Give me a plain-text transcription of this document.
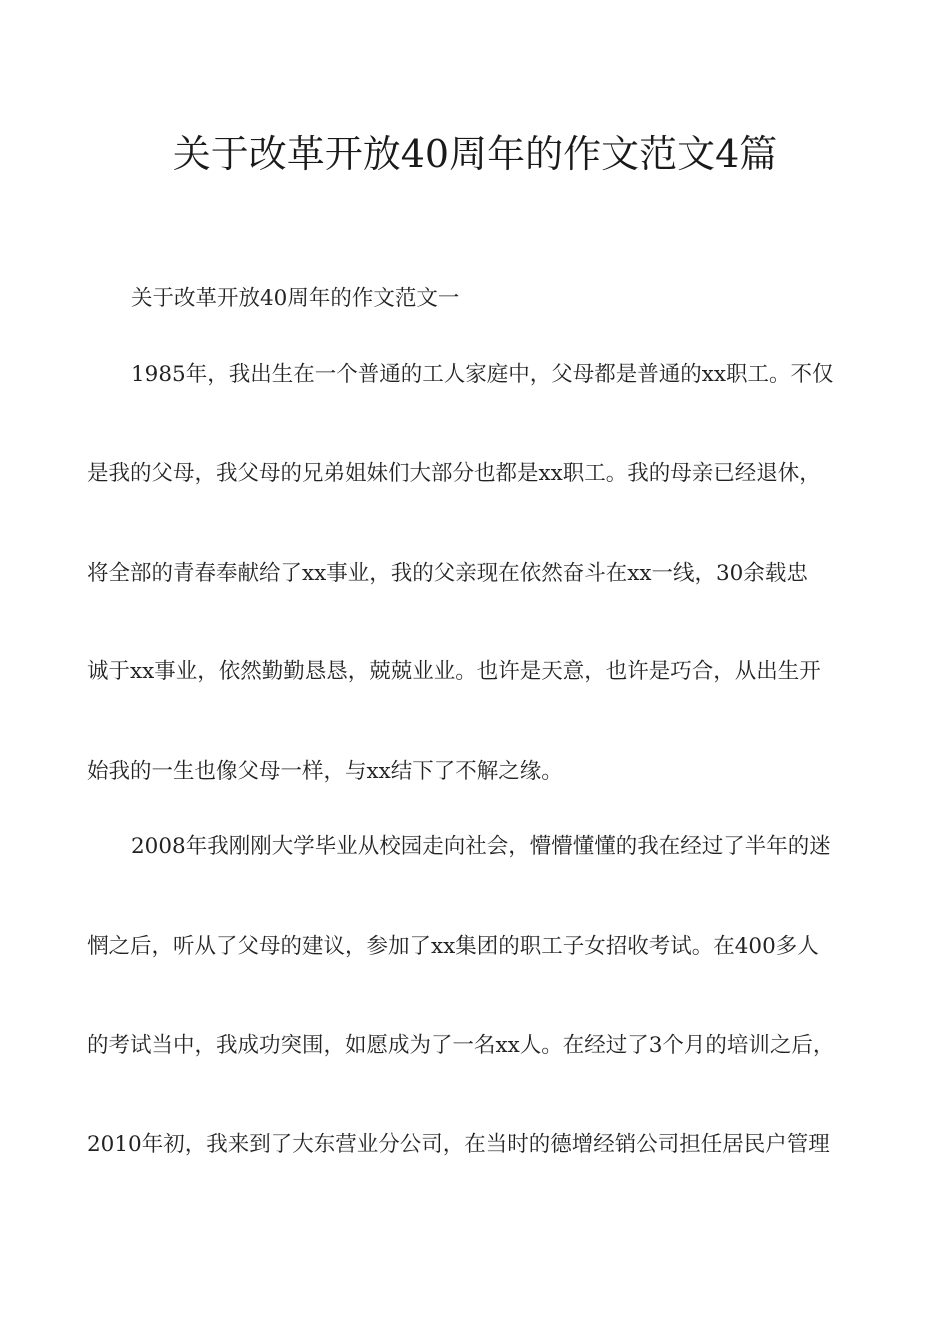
关于改革开放40周年的作文范文4篇
关于改革开放40周年的作文范文一
1985年，我出生在一个普通的工人家庭中，父母都是普通的xx职工。不仅
是我的父母，我父母的兄弟姐妹们大部分也都是xx职工。我的母亲已经退休，
将全部的青春奉献给了xx事业，我的父亲现在依然奋斗在xx一线，30余载忠
诚于xx事业，依然勤勤恳恳，兢兢业业。也许是天意，也许是巧合，从出生开
始我的一生也像父母一样，与xx结下了不解之缘。
2008年我刚刚大学毕业从校园走向社会，懵懵懂懂的我在经过了半年的迷
惘之后，听从了父母的建议，参加了xx集团的职工子女招收考试。在400多人
的考试当中，我成功突围，如愿成为了一名xx人。在经过了3个月的培训之后，
2010年初，我来到了大东营业分公司，在当时的德增经销公司担任居民户管理
